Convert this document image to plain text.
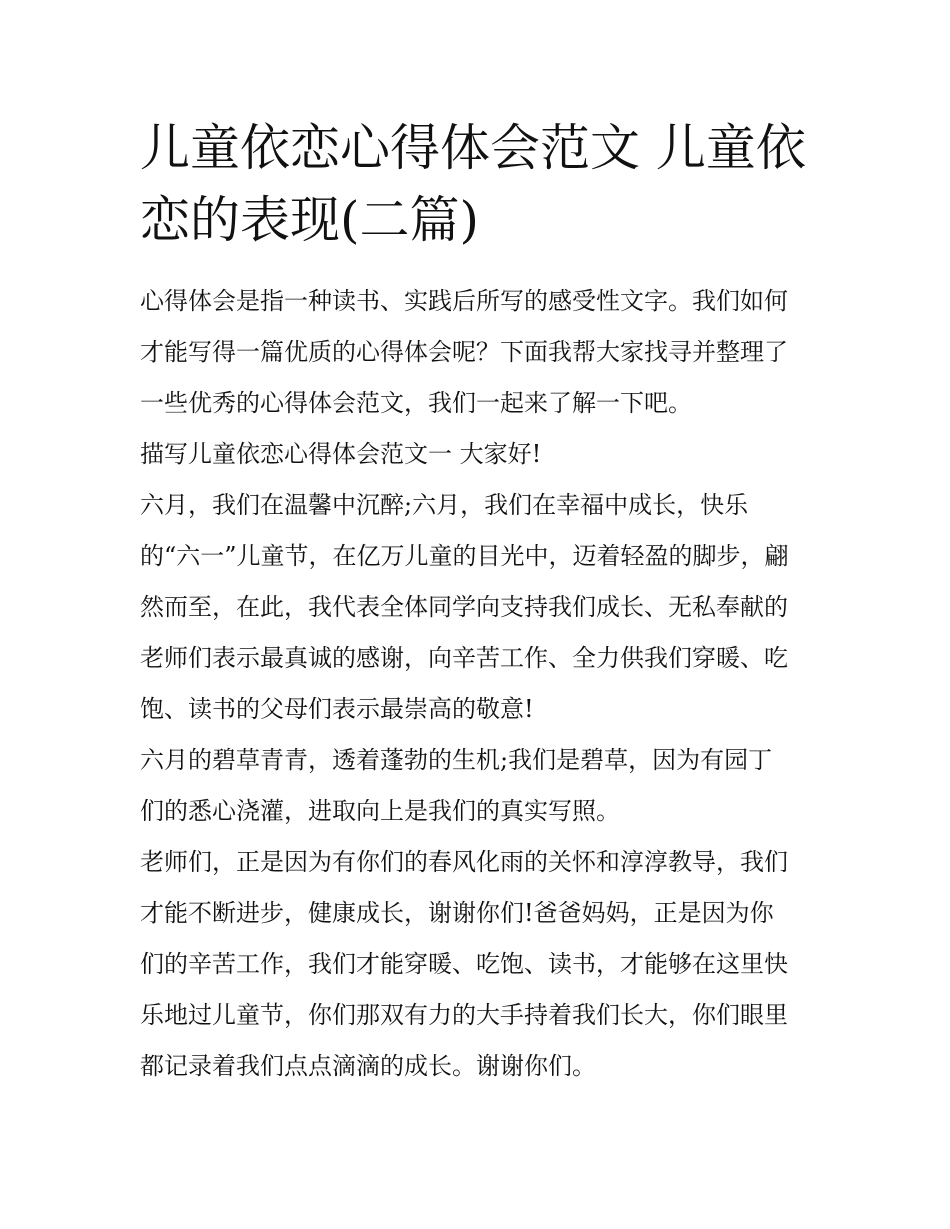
儿童依恋心得体会范文 儿童依
恋的表现(二篇)

心得体会是指一种读书、实践后所写的感受性文字。我们如何
才能写得一篇优质的心得体会呢？下面我帮大家找寻并整理了
一些优秀的心得体会范文，我们一起来了解一下吧。

描写儿童依恋心得体会范文一 大家好!

六月，我们在温馨中沉醉;六月，我们在幸福中成长，快乐
的“六一”儿童节，在亿万儿童的目光中，迈着轻盈的脚步，翩
然而至，在此，我代表全体同学向支持我们成长、无私奉献的
老师们表示最真诚的感谢，向辛苦工作、全力供我们穿暖、吃
饱、读书的父母们表示最崇高的敬意!

六月的碧草青青，透着蓬勃的生机;我们是碧草，因为有园丁
们的悉心浇灌，进取向上是我们的真实写照。

老师们，正是因为有你们的春风化雨的关怀和淳淳教导，我们
才能不断进步，健康成长，谢谢你们!爸爸妈妈，正是因为你
们的辛苦工作，我们才能穿暖、吃饱、读书，才能够在这里快
乐地过儿童节，你们那双有力的大手持着我们长大，你们眼里
都记录着我们点点滴滴的成长。谢谢你们。
